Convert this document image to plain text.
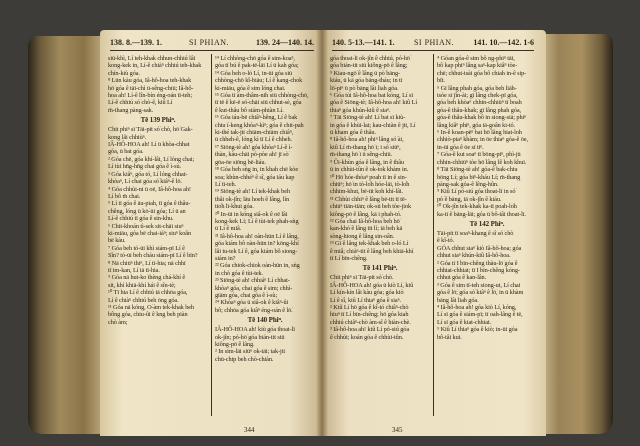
138. 8.—139. 1.	SI PHIAN.	139. 24—140. 14.

siū-khì, Lí teh-khak chhun-chhiú lâi

kong-kek in, Lí-ê chiàⁿ chhiú teh-khak

chín-kiù góa.

⁸ Lūn kàu góa, Iâ-hô-hoa teh-khak

hō͘ góa ê tāi-chì ū-sêng-chiū; Iâ-hô-

hoa ah! Lí-ê lîn-bín éng-oán tī-teh;

Lí-ê chhiú só͘ chò-ê, kiû Lí

m̄-thang pàng-sak.

Tē 139 Phiⁿ.

Chit phiⁿ sī Tāi-pit só͘ chò, hō͘ Gak-

kong lâi chhiùⁿ.

IÂ-HÔ-HOA ah! Lí ū khòa-chhat

góa, ū bat góa.

² Góa chē, góa khí-lâi, Lí lóng chai;

Lí tùi hn̄g-hn̄g chai góa ê ì-sù.

³ Góa kiâⁿ, góa tó, Lí lóng chhat-

khòaⁿ, Lí chai góa só͘ kiâⁿ-ê lō͘.

⁴ Góa chhùi-ni ū oē, Iâ-hô-hoa ah!

Lí bô m̄ chai.

⁵ Lí tī góa ê āu-piah, tī góa ê thâu-

chêng, lóng ū kō͘-ūi góa; Lí ū an

Lí-ê chhiú tī góa ê sin-khu.

⁶ Chit-khoán tì-sek sit-chāi siuⁿ

ki-miāu, góa bē chai-iáⁿ; siuⁿ koân

bē kàu.

⁷ Góa beh tó-ūi khì siám-pī Lí ê

Sîn? tó-ūi beh cháu siám-pī Lí ê bīn?

⁸ Nā chiūⁿ thiⁿ, Lí tī-hia; nā chhī

tī im-kan, Lí iā tī-hia.

⁹ Góa nā hut-ko͘ thèng chá-khí ê

sit, khì khiā-khí hái ê sîn-tè;

¹⁰ Tī hia Lí ê chhiú iā chhōa góa,

Lí ê chiàⁿ chhiú beh ōng góa.

¹¹ Góa nā kóng, O͘-àm tek-khak beh

bông góa, chiu-ûi ê kng beh piàn

chò àm;

¹⁴ Lí chhòng-chō góa ê sim-koaⁿ,

góa tī bú ê pak-tē-lāi Lí ū kah góa;

¹⁴ Góa beh o-ló Lí, in-ūi góa siū

chhòng-chō kî-biāu; Lí ê kang-chok

ki-miāu, góa ê sim lóng chai.

¹⁵ Góa tī àm-thâm-nih siū chhòng-chō,

tī tē ê kē-ē só͘-chāi siū chhut-sè, góa

ê kut-thâu bô siám-phiàn Lí.

¹⁶ Góa iáu-bē chiâⁿ-hêng, Lí ê bak

chiu í-keng khòaⁿ-kìⁿ; góa ê chit-pah

ki-thé tak-jit chiām-chiām chiâⁿ,

ū chheh-ê, lóng kì tī Lí ê chheh.

¹⁷ Siōng-tè ah! góa khòaⁿ Lí-ê ì-

thàn, kàu-chāi pó-pòe ah! jī sò͘

gōa-ōe siōng bē-liáu.

¹⁸ Góa beh sǹg in, in khah chē kòe

soa; khùn-chhéⁿ ê sî, góa iáu kap

Lí tī-teh.

¹⁹ Siōng-tè ah! Lí tek-khak beh

thâi ok-jîn; lāu hoeh ê lâng, lín

tio̍h lī-khui góa.

²⁰ In-ūi in kóng siâ-ok ê oē lâi

kong-kek Lí; Lí ê tùi-tek phah-sǹg

ū Lí ê miâ.

²¹ Iâ-hô-hoa ah! oàn-hūn Lí ê lâng,

góa kiám bô oàn-hūn in? kōng-khí

lâi tu-tek Lí ê, góa kiám bô siong-

siám in?

²² Góa chiok-chiok oàn-hūn in, sǹg

in chò góa ê tùi-tek.

²³ Siōng-tè ah! chhiáⁿ Lí chhat-

khòaⁿ góa, chai góa ê sim; chhì-

giām góa, chai góa ê ì-sù;

²⁴ Khòaⁿ góa ū siâ-ok ê kiâⁿ-ûi

bô; chhōa góa kiâⁿ éng-oán ê lō͘.

Tē 140 Phiⁿ.

IÂ-HÔ-HOA ah! kiù góa thoat-lī

ok-jîn; pó-hō͘ góa bián-tit siū

kiông-pō ê lâng.

² In sim-lāi siūⁿ ok-tāi; tak-jit

chū-chip beh chò-chiàn.

344
140. 5-13.—141. 1. SI PHIAN. 141. 10.—142. 1-6

góa thoat-lī ok-jîn ê chhiú, pó-hō͘

góa bián-tit siū kiông-pō ê lâng;

⁵ Kiau-ngō͘ ê lâng ū pò͘ bāng-

kiáu, ū kā góa bāng-tháu; in tī

lō͘-piⁿ ū pò͘ bāng lâi liah góa.

⁶ Góa tùi Iâ-hô-hoa bat kóng, Lí sī

góa ê Siōng-tè; Iâ-hô-hoa ah! kiû Lí

thiaⁿ góa khún-kiû ê siaⁿ.

⁷ Tāi Siōng-tè ah! Lí bat sī kiù-

in góa ê khùi-lat; kau-chiàn ê jit, Lí

ū kham góa ê thâu.

⁸ Iâ-hô-hoa ah! phiⁿ lâng só͘ ài,

kiû Lí m̄-thang hō͘ i; i só͘ siūⁿ,

m̄-thang hō͘ i ū sêng-chiū.

⁹ Ûi-khùn góa ê lâng, in ê thâu

ū in chhùi-tûn ê ok-tok khàm in.

¹⁰ Hō͘ hóe-thòaⁿ poah tī in ê sin-

chiūⁿ; hō͘ in tò-lo̍h hóe-lāi, tò-lo̍h

chhim-khut, bē-tit koh khí-lâi.

¹¹ Chhùi chhiⁿ ê lâng bē-tit tī tē-

chiūⁿ tiān-tiān; ok-sū beh tòe-jiok

kiông-pō ê lâng, kā i phah-tó.

¹² Góa chai Iâ-hô-hoa beh hō͘

kan-khó͘ ê lâng tit lí; iā beh kā

sòng-hiong ê lâng sin-oân.

¹³ Gī ê lâng tek-khak beh o-ló Lí

ê miâ; chiàⁿ-tit ê lâng beh khiā-khí

tī Lí bīn-chêng.

Tē 141 Phiⁿ.

Chit phiⁿ sī Tāi-pit só͘ chò.

IÂ-HÔ-HOA ah! góa ū kiò Lí, kiû

Lí kín-kín lâi kàu góa; góa kiò

Lí ê sî, kiû Lí thiaⁿ góa ê siaⁿ.

² Kiû Lí hō͘ góa ê kî-tó chiâⁿ-chò

hiuⁿ tī Lí bīn-chêng; hō͘ góa kiah

chhiú chiâⁿ-chò àm-sî ê hiàn-chè.

³ Iâ-hô-hoa ah! kiû Lí pó-siú góa

ê chhùi; koán góa ê chhùi-tûn.

⁴ Góan góa-ê sim bô ng-phiⁿ tāi,

bô kap phiⁿ lâng saⁿ-kap kiâⁿ tòe-

chē; chhut-tsài góa bô chiah in-ê sip-

bi̍t.

⁵ Gī lâng phah góa, góa beh liāh-

tsòe sī jîn-ài; gī lâng chek-pī góa,

góa beh khòaⁿ chhin-chhiūⁿ tī boah

góa-ê thâu-khak; gī lâng phah góa,

góa-ê thâu-khak bô in siong-siā; phiⁿ

lâng kiâⁿ phiⁿ, góa iā-goân ki-tó.

⁶ In-ê koan-pēⁿ bat hō͘ lâng hiat-loh

chhiò-piaⁿ khàm; in ōe thiaⁿ góa-ê ōe,

in-ūi góa ê ōe sī tiⁿ.

⁷ Góa-ê kut soaⁿ tī bōng-piⁿ, phì-jū

chhin-chhiūⁿ tòe hō͘ lâng lê koh khui.

⁸ Tāi Siōng-tè ah! góa-ê bak-chiu

bōng Lí; góa bīⁿ-kháu Lí; m̄-thang

pàng-sak góa-ê lêng-hûn.

⁹ Kiû Lí pó-siú góa thoat-lī in só͘

pò͘ ê bāng, iā ok-jîn ê kiáu.

¹⁰ Ok-jîn tek-khak ka-tī poah-lo̍h

ka-tī ê bāng-lāi; góa ū bô-tâi thoat-lī.

Tē 142 Phiⁿ.

Tāi-pit tī soaⁿ-khang ê sî só͘ chò

ê kî-tó.

GÓA chhut siaⁿ kiò Iâ-hô-hoa; góa

chhut siaⁿ khún-kiû Iâ-hô-hoa.

² Góa tī I bīn-chêng thàu-lō͘ góa ê

chhiat-chhiat; tī I bīn-chêng kóng-

chhut góa ê kan-lân.

³ Góa ê sim tī-teh siong-ut, Lí chai

góa ê lō͘; góa só͘ kiâⁿ ê lō͘, in ū khàm

bāng lâi liah góa.

⁴ Iâ-hô-hoa ah! góa kiò Lí, kóng,

Lí sī góa ê siám-pī; tī oah-lâng ê tē,

Lí sī góa ê kiat-chhiat.

⁵ Kiû Lí thiaⁿ góa ê kiò; in-ūi góa

bô-tâi kui.

345
